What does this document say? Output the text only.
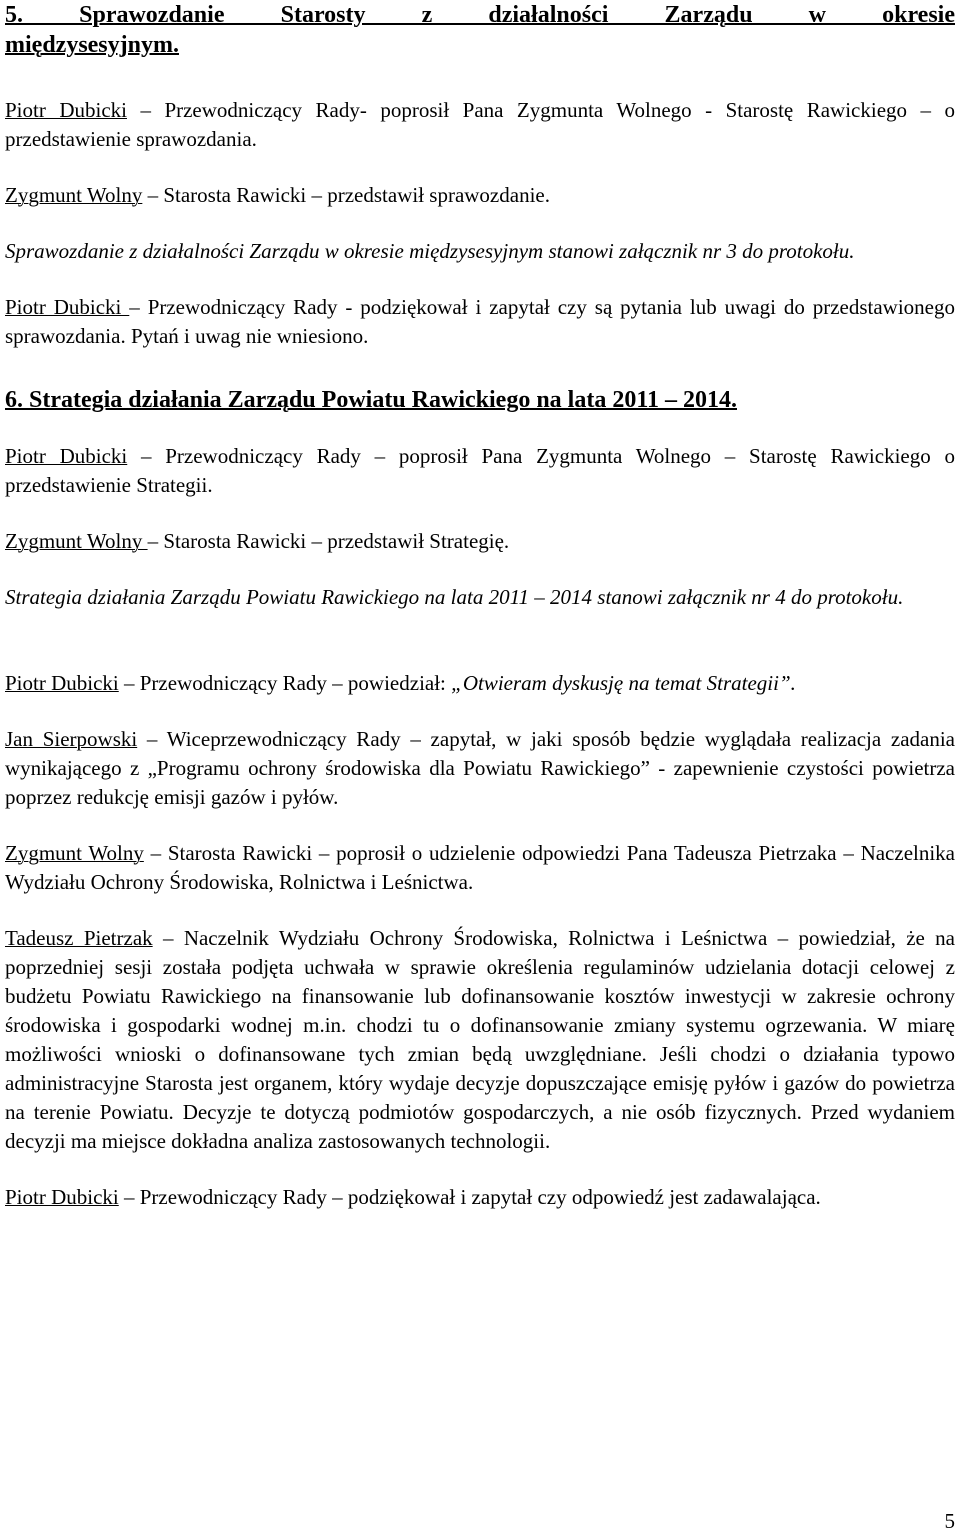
5. Sprawozdanie Starosty z działalności Zarządu w okresie
międzysesyjnym.

Piotr Dubicki – Przewodniczący Rady- poprosił Pana Zygmunta Wolnego - Starostę Rawickiego – o przedstawienie sprawozdania.

Zygmunt Wolny – Starosta Rawicki – przedstawił sprawozdanie.

Sprawozdanie z działalności Zarządu w okresie międzysesyjnym stanowi załącznik nr 3 do protokołu.

Piotr Dubicki – Przewodniczący Rady - podziękował i zapytał czy są pytania lub uwagi do przedstawionego sprawozdania. Pytań i uwag nie wniesiono.

6. Strategia działania Zarządu Powiatu Rawickiego na lata 2011 – 2014.

Piotr Dubicki – Przewodniczący Rady – poprosił Pana Zygmunta Wolnego – Starostę Rawickiego o przedstawienie Strategii.

Zygmunt Wolny – Starosta Rawicki – przedstawił Strategię.

Strategia działania Zarządu Powiatu Rawickiego na lata 2011 – 2014 stanowi załącznik nr 4 do protokołu.

Piotr Dubicki – Przewodniczący Rady – powiedział: „Otwieram dyskusję na temat Strategii”.

Jan Sierpowski – Wiceprzewodniczący Rady – zapytał, w jaki sposób będzie wyglądała realizacja zadania wynikającego z „Programu ochrony środowiska dla Powiatu Rawickiego” - zapewnienie czystości powietrza poprzez redukcję emisji gazów i pyłów.

Zygmunt Wolny – Starosta Rawicki – poprosił o udzielenie odpowiedzi Pana Tadeusza Pietrzaka – Naczelnika Wydziału Ochrony Środowiska, Rolnictwa i Leśnictwa.

Tadeusz Pietrzak – Naczelnik Wydziału Ochrony Środowiska, Rolnictwa i Leśnictwa – powiedział, że na poprzedniej sesji została podjęta uchwała w sprawie określenia regulaminów udzielania dotacji celowej z budżetu Powiatu Rawickiego na finansowanie lub dofinansowanie kosztów inwestycji w zakresie ochrony środowiska i gospodarki wodnej m.in. chodzi tu o dofinansowanie zmiany systemu ogrzewania. W miarę możliwości wnioski o dofinansowane tych zmian będą uwzględniane. Jeśli chodzi o działania typowo administracyjne Starosta jest organem, który wydaje decyzje dopuszczające emisję pyłów i gazów do powietrza na terenie Powiatu. Decyzje te dotyczą podmiotów gospodarczych, a nie osób fizycznych. Przed wydaniem decyzji ma miejsce dokładna analiza zastosowanych technologii.

Piotr Dubicki – Przewodniczący Rady – podziękował i zapytał czy odpowiedź jest zadawalająca.

5
